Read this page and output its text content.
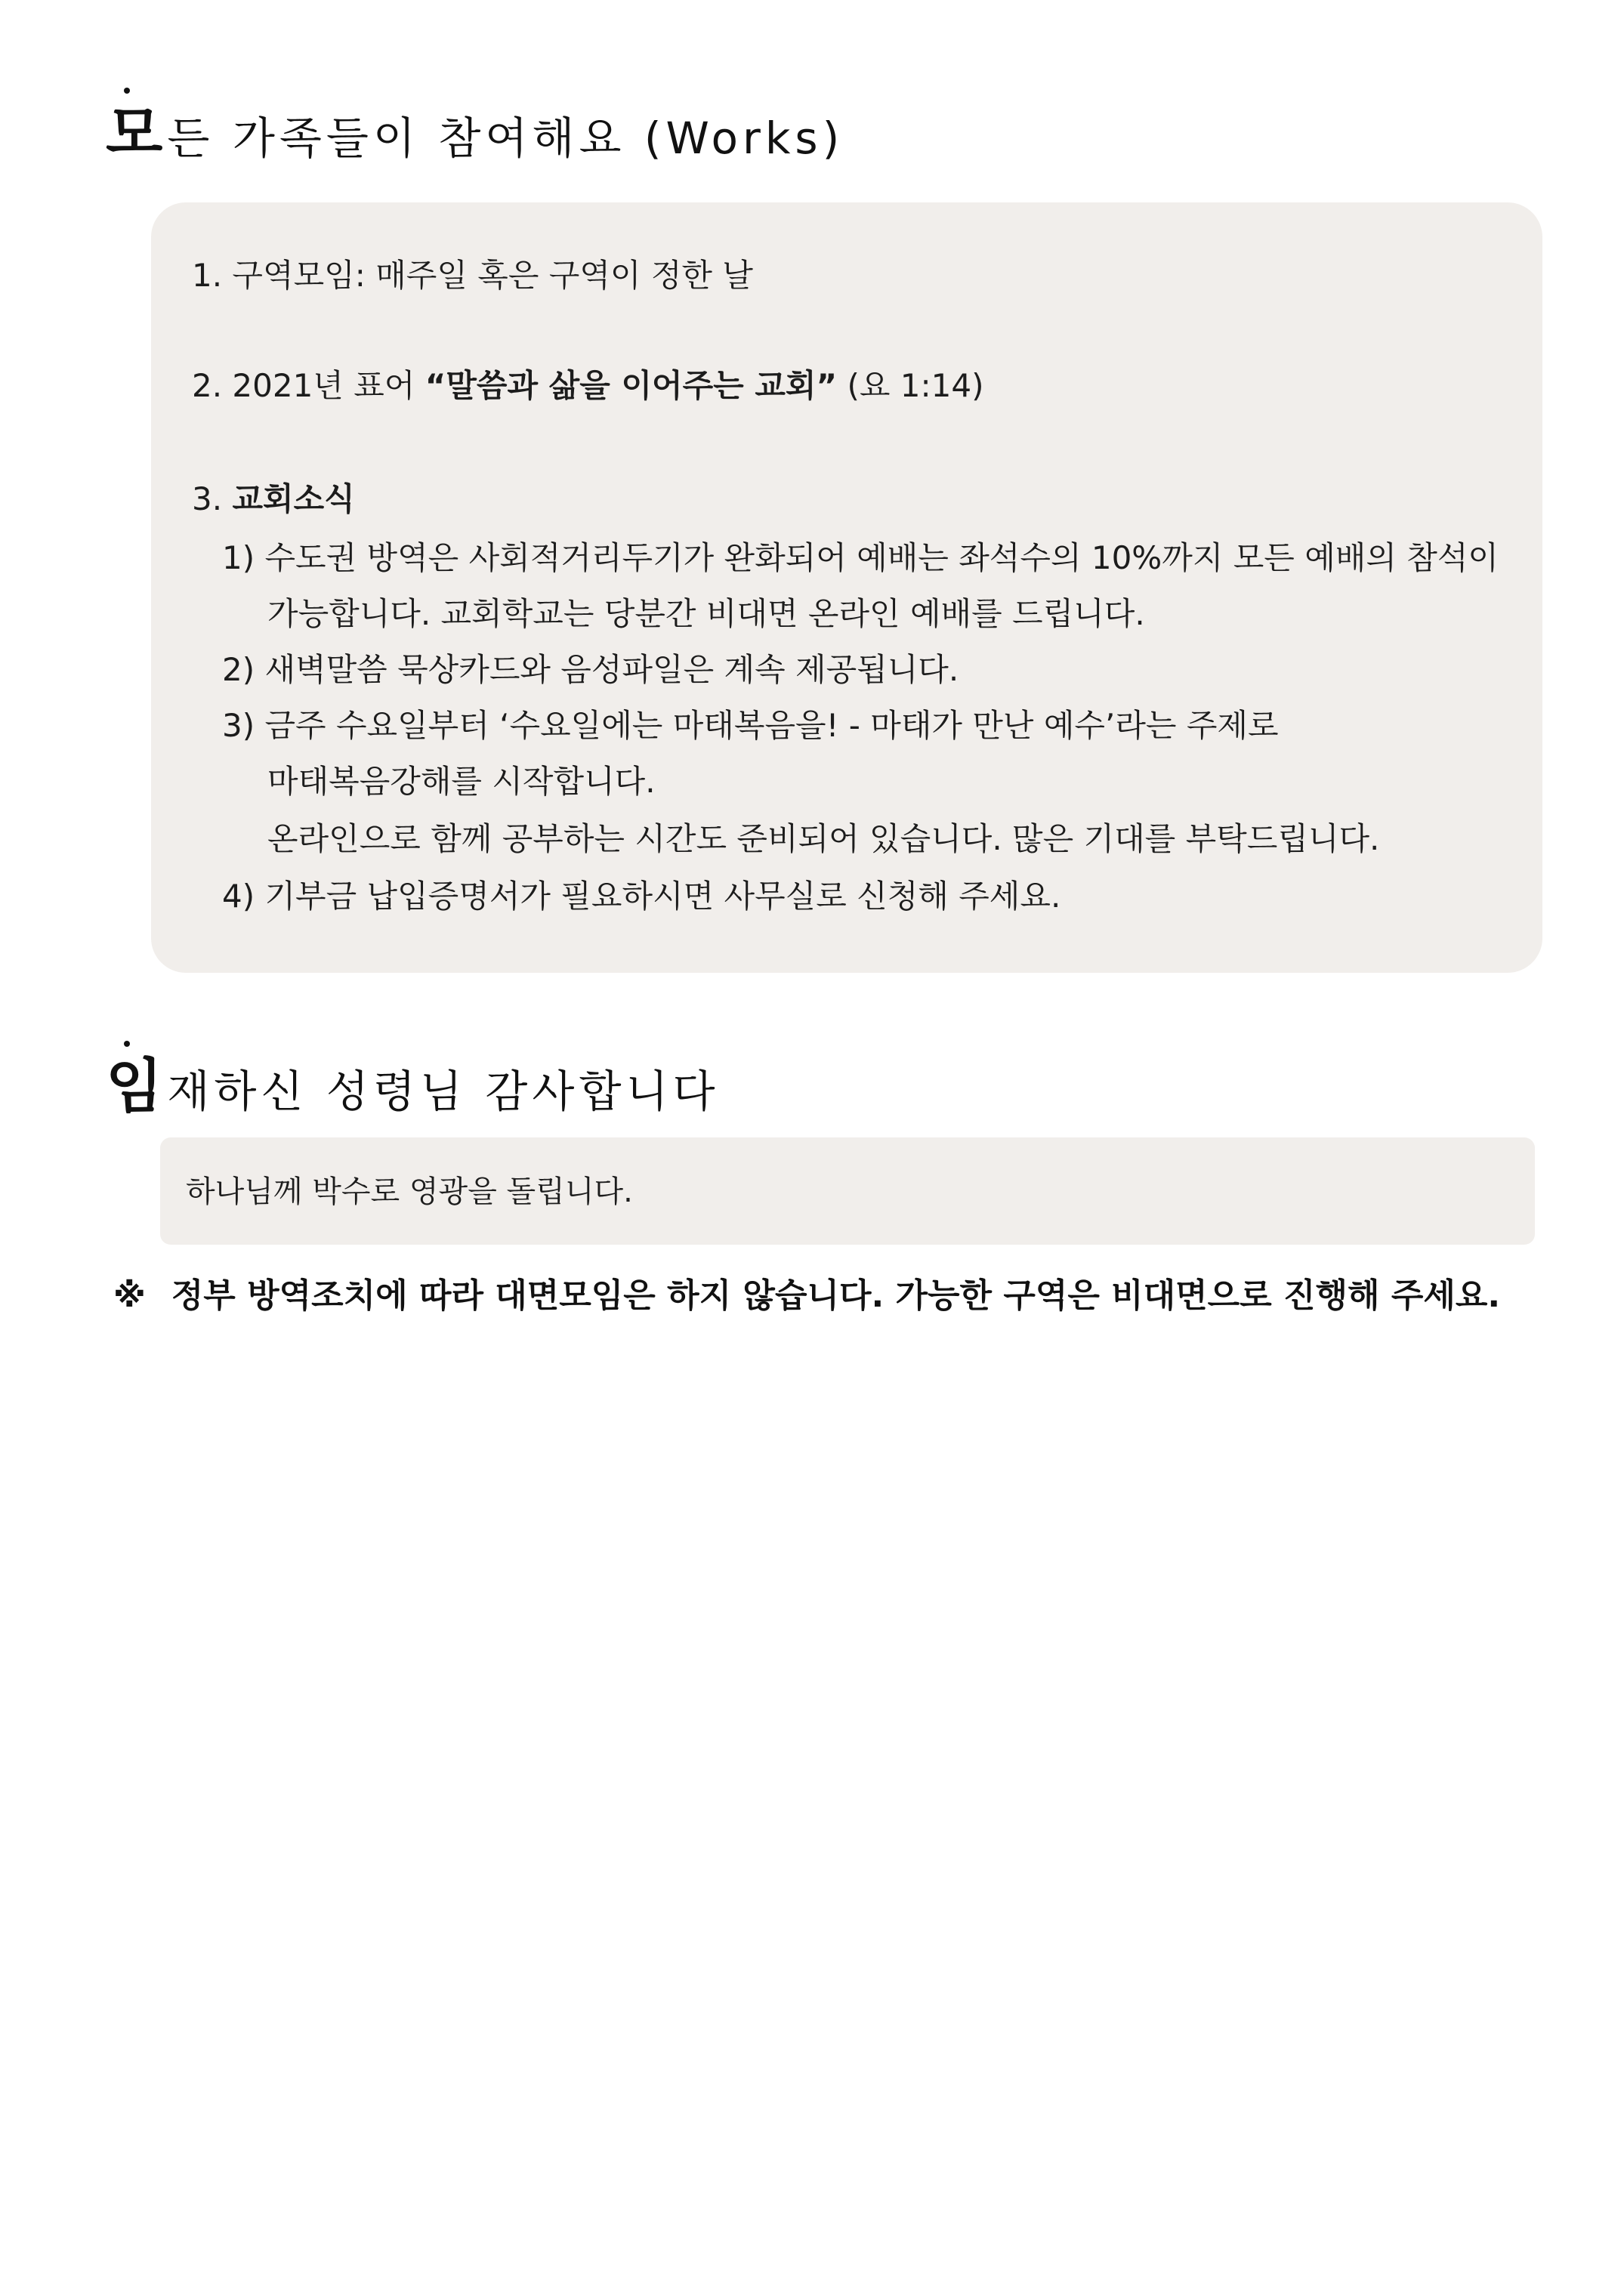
모 든 가족들이 참여해요 (Works)
1. 구역모임: 매주일 혹은 구역이 정한 날
2. 2021년 표어 “말씀과 삶을 이어주는 교회” (요 1:14)
3. 교회소식
1) 수도권 방역은 사회적거리두기가 완화되어 예배는 좌석수의 10%까지 모든 예배의 참석이
가능합니다. 교회학교는 당분간 비대면 온라인 예배를 드립니다.
2) 새벽말씀 묵상카드와 음성파일은 계속 제공됩니다.
3) 금주 수요일부터 ‘수요일에는 마태복음을! - 마태가 만난 예수’라는 주제로
마태복음강해를 시작합니다.
온라인으로 함께 공부하는 시간도 준비되어 있습니다. 많은 기대를 부탁드립니다.
4) 기부금 납입증명서가 필요하시면 사무실로 신청해 주세요.
임 재하신 성령님 감사합니다
하나님께 박수로 영광을 돌립니다.
※ 정부 방역조치에 따라 대면모임은 하지 않습니다. 가능한 구역은 비대면으로 진행해 주세요.
